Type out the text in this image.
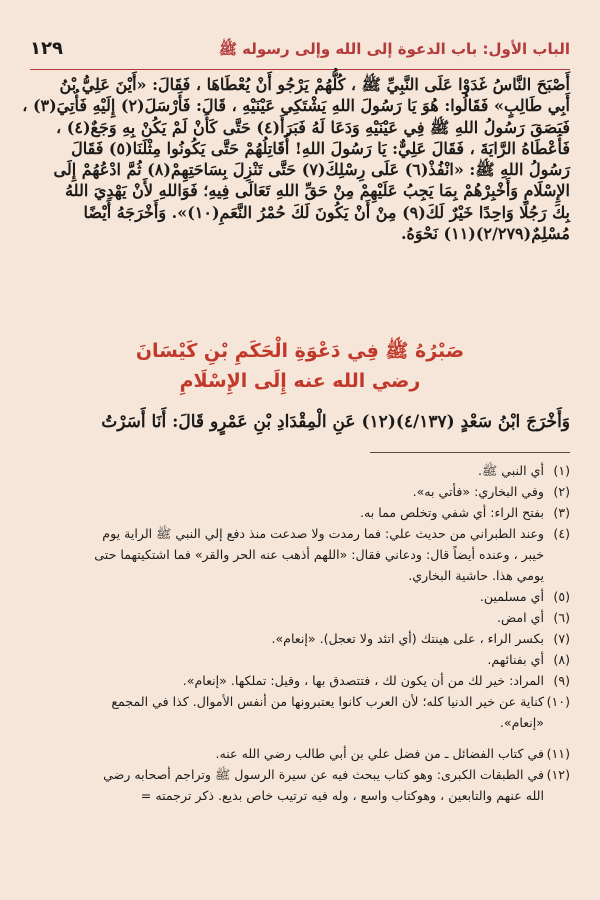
الباب الأول: باب الدعوة إلى الله وإلى رسوله ﷺ
١٢٩
أَصْبَحَ النَّاسُ غَدَوْا عَلَى النَّبِيِّ ﷺ ، كُلُّهُمْ يَرْجُو أَنْ يُعْطَاهَا ، فَقَالَ: «أَيْنَ عَلِيُّ بْنُ
أَبِي طَالِبٍ» فَقَالُوا: هُوَ يَا رَسُولَ اللهِ يَشْتَكِي عَيْنَيْهِ ، قَالَ: فَأَرْسَلَ(٢) إِلَيْهِ فَأُتِيَ(٣) ،
فَبَصَقَ رَسُولُ اللهِ ﷺ فِي عَيْنَيْهِ وَدَعَا لَهُ فَبَرَأَ(٤) حَتَّى كَأَنْ لَمْ يَكُنْ بِهِ وَجَعٌ(٤) ،
فَأَعْطَاهُ الرَّايَةَ ، فَقَالَ عَلِيٌّ: يَا رَسُولَ اللهِ! أُقَاتِلُهُمْ حَتَّى يَكُونُوا مِثْلَنَا(٥) فَقَالَ
رَسُولُ اللهِ ﷺ: «انْفُذْ(٦) عَلَى رِسْلِكَ(٧) حَتَّى تَنْزِلَ بِسَاحَتِهِمْ(٨) ثُمَّ ادْعُهُمْ إِلَى
الإِسْلَامِ وَأَخْبِرْهُمْ بِمَا يَجِبُ عَلَيْهِمْ مِنْ حَقِّ اللهِ تَعَالَى فِيهِ؛ فَوَاللهِ لأَنْ يَهْدِيَ اللهُ
بِكَ رَجُلًا وَاحِدًا خَيْرٌ لَكَ(٩) مِنْ أَنْ يَكُونَ لَكَ حُمْرُ النَّعَمِ(١٠)». وَأَخْرَجَهُ أَيْضًا
مُسْلِمٌ(٢/٢٧٩)(١١) نَحْوَهُ.
صَبْرُهُ ﷺ فِي دَعْوَةِ الْحَكَمِ بْنِ كَيْسَانَ
رضي الله عنه إِلَى الإِسْلَامِ
وَأَخْرَجَ ابْنُ سَعْدٍ (٤/١٣٧)(١٢) عَنِ الْمِقْدَادِ بْنِ عَمْرٍو قَالَ: أَنَا أَسَرْتُ
(١)
أي النبي ﷺ.
(٢)
وفي البخاري: «فأتي به».
(٣)
بفتح الراء: أي شفي وتخلص مما به.
(٤)
وعند الطبراني من حديث علي: فما رمدت ولا صدعت منذ دفع إلي النبي ﷺ الراية يوم
خيبر ، وعنده أيضاً قال: ودعاني فقال: «اللهم أذهب عنه الحر والقر» فما اشتكيتهما حتى
يومي هذا. حاشية البخاري.
(٥)
أي مسلمين.
(٦)
أي امض.
(٧)
بكسر الراء ، على هينتك (أي اتئد ولا تعجل). «إنعام».
(٨)
أي بفنائهم.
(٩)
المراد: خير لك من أن يكون لك ، فتتصدق بها ، وقيل: تملكها. «إنعام».
(١٠)
كناية عن خير الدنيا كله؛ لأن العرب كانوا يعتبرونها من أنفس الأموال. كذا في المجمع
«إنعام».
(١١)
في كتاب الفضائل ـ من فضل علي بن أبي طالب رضي الله عنه.
(١٢)
في الطبقات الكبرى: وهو كتاب يبحث فيه عن سيرة الرسول ﷺ وتراجم أصحابه رضي
الله عنهم والتابعين ، وهوكتاب واسع ، وله فيه ترتيب خاص بديع. ذكر ترجمته =
